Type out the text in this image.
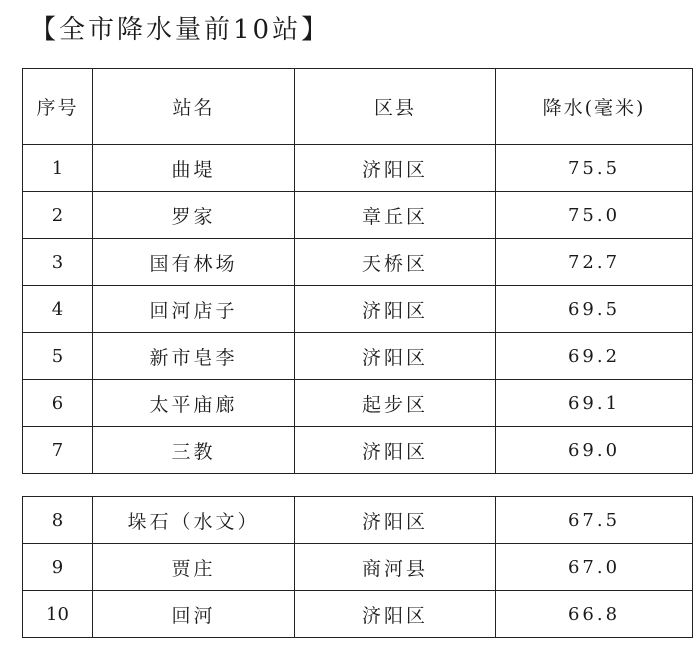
【全市降水量前10站】
序号	站名	区县	降水(毫米)
1	曲堤	济阳区	75.5
2	罗家	章丘区	75.0
3	国有林场	天桥区	72.7
4	回河店子	济阳区	69.5
5	新市皂李	济阳区	69.2
6	太平庙廊	起步区	69.1
7	三教	济阳区	69.0
8	垛石（水文）	济阳区	67.5
9	贾庄	商河县	67.0
10	回河	济阳区	66.8
